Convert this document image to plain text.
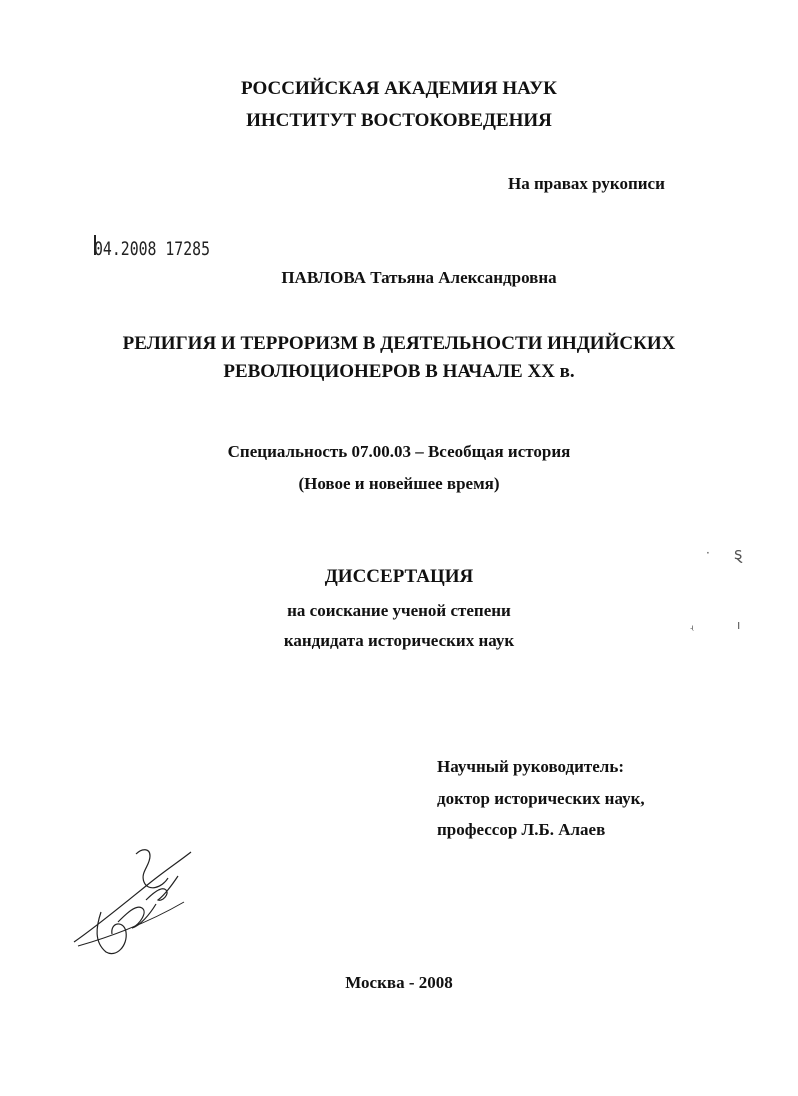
РОССИЙСКАЯ АКАДЕМИЯ НАУК
ИНСТИТУТ ВОСТОКОВЕДЕНИЯ
На правах рукописи
04.2008 17285
ПАВЛОВА Татьяна Александровна
РЕЛИГИЯ И ТЕРРОРИЗМ В ДЕЯТЕЛЬНОСТИ ИНДИЙСКИХ
РЕВОЛЮЦИОНЕРОВ В НАЧАЛЕ XX в.
Специальность 07.00.03 – Всеобщая история
(Новое и новейшее время)
ДИССЕРТАЦИЯ
на соискание ученой степени
кандидата исторических наук
Научный руководитель:
доктор исторических наук,
профессор Л.Б. Алаев
Москва - 2008
· ȿ
ʵ	ı
